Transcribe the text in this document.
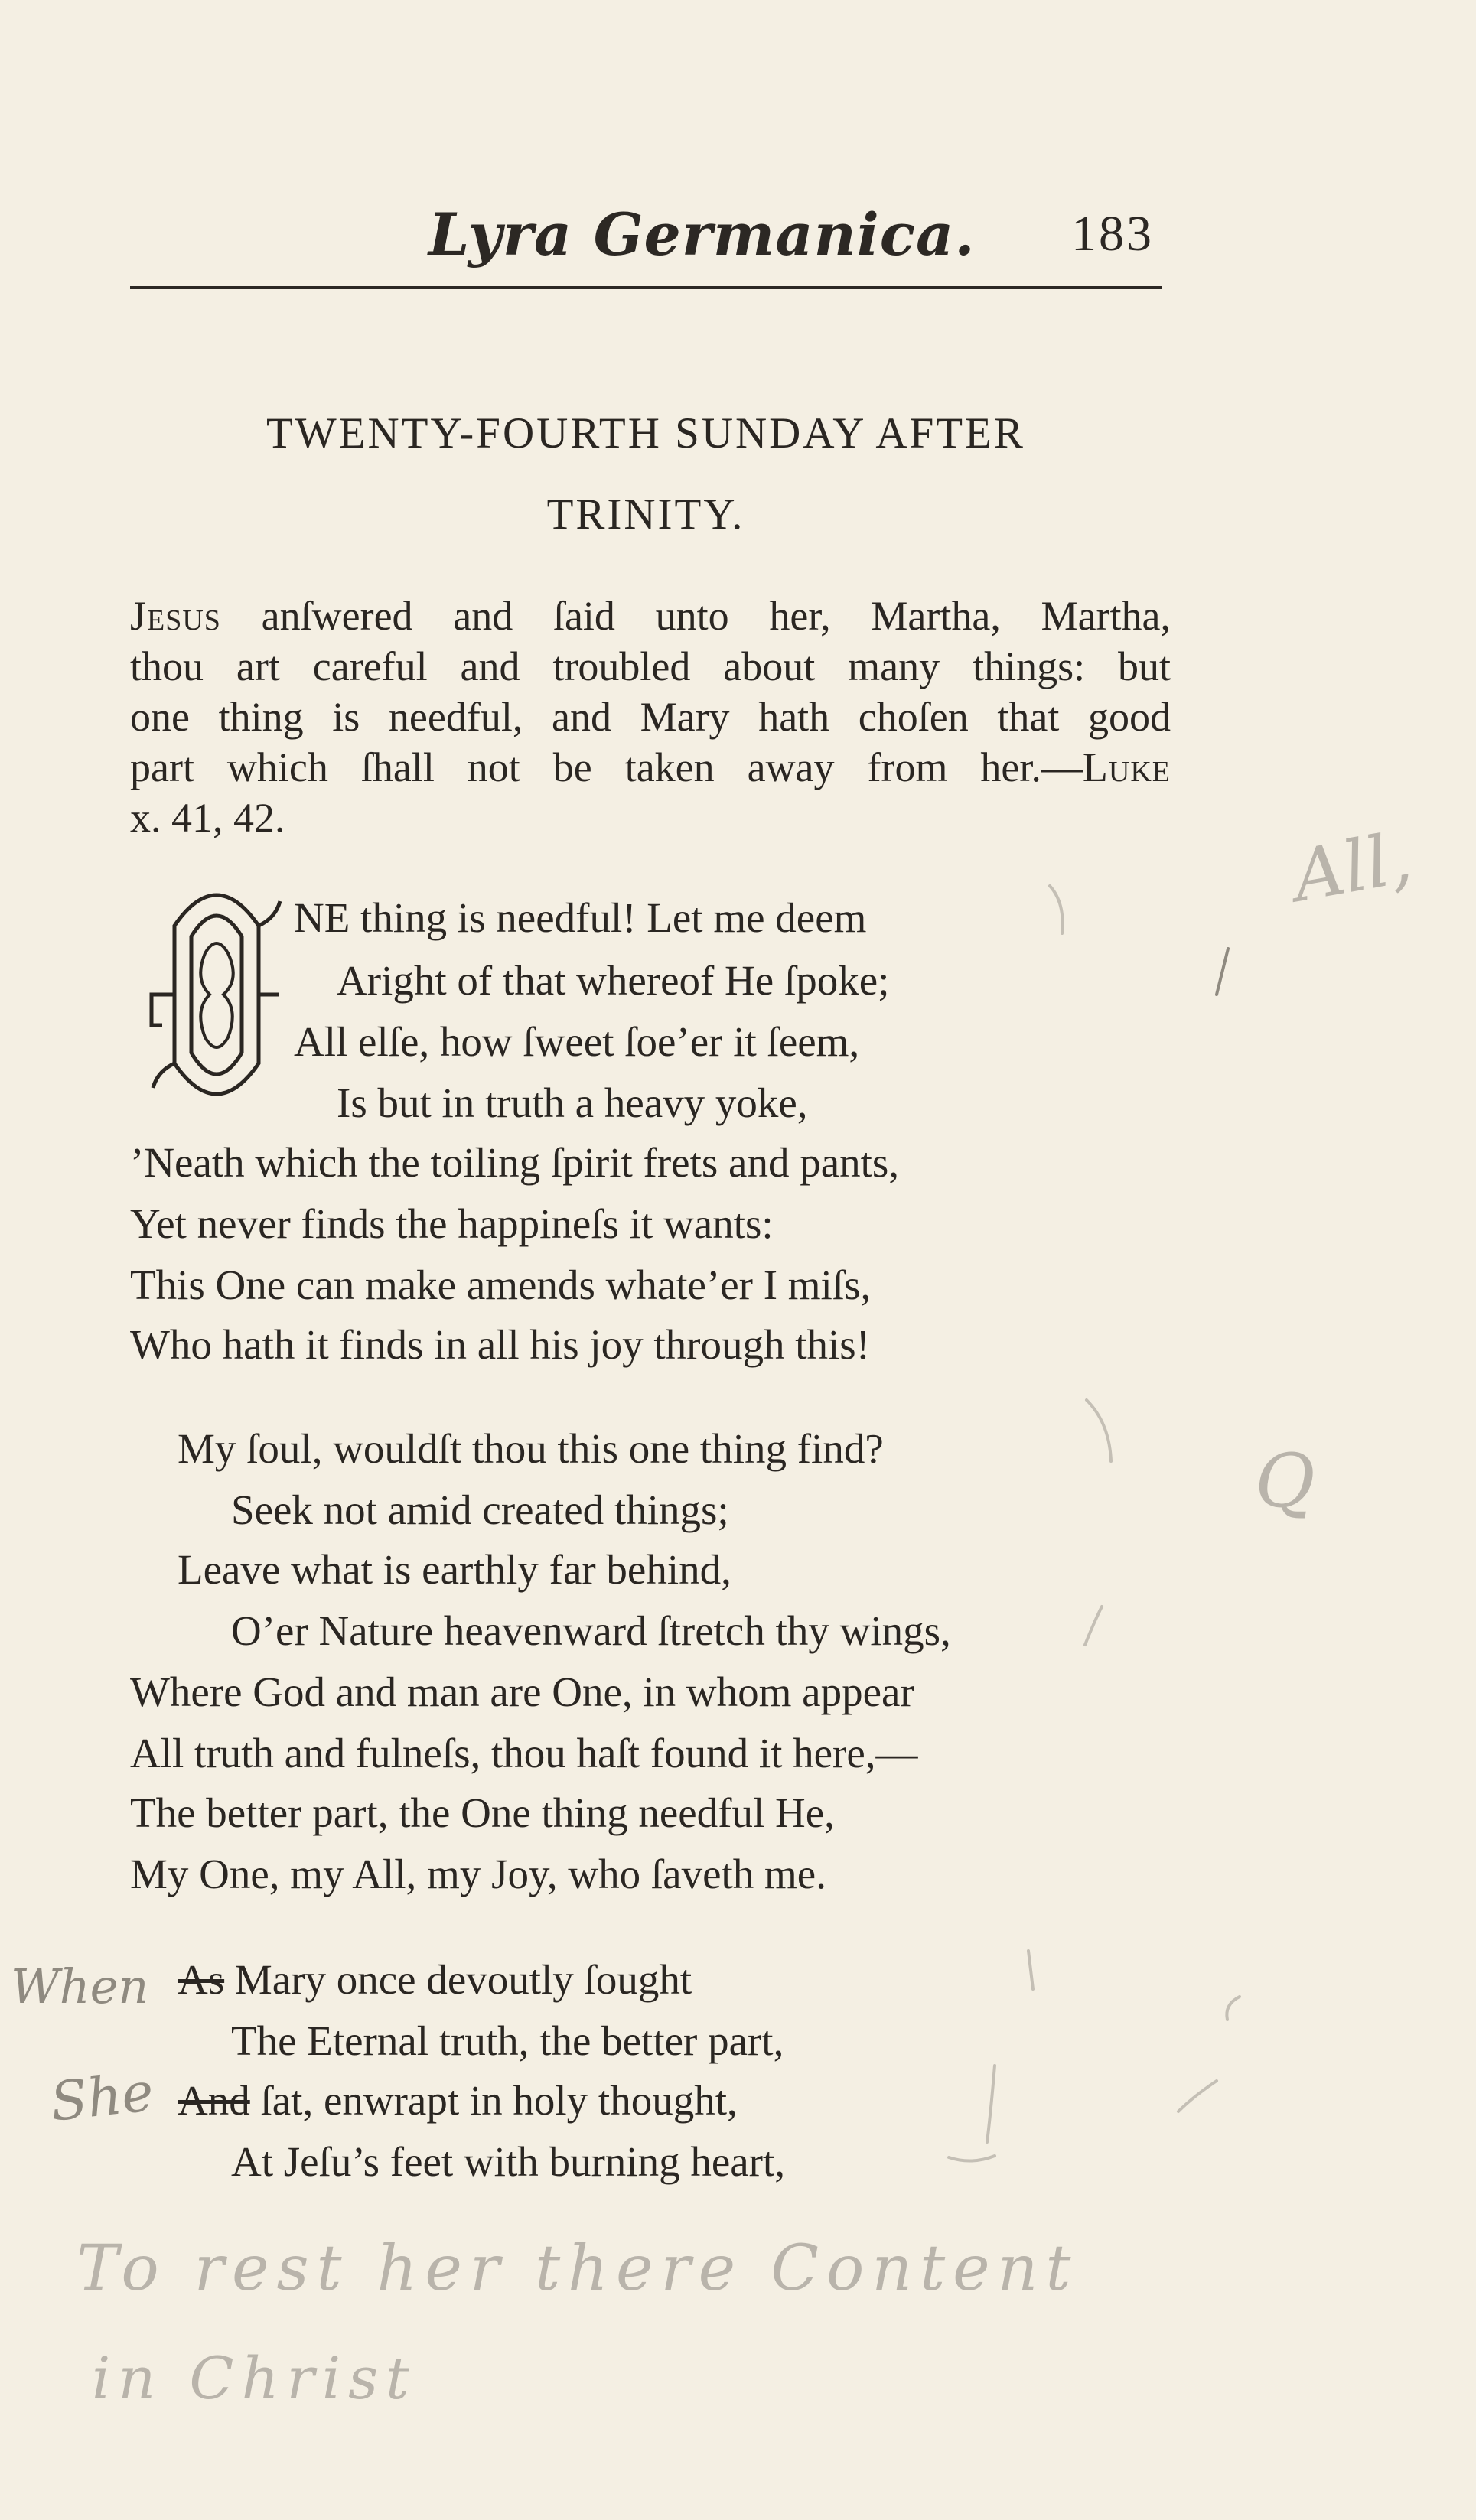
Lyra Germanica. 183
TWENTY-FOURTH SUNDAY AFTER
TRINITY.
Jesus anſwered and ſaid unto her, Martha, Martha,
thou art careful and troubled about many things: but
one thing is needful, and Mary hath choſen that good
part which ſhall not be taken away from her.—Luke
x. 41, 42.
NE thing is needful! Let me deem
Aright of that whereof He ſpoke;
All elſe, how ſweet ſoe’er it ſeem,
Is but in truth a heavy yoke,
’Neath which the toiling ſpirit frets and pants,
Yet never finds the happineſs it wants:
This One can make amends whate’er I miſs,
Who hath it finds in all his joy through this!
My ſoul, wouldſt thou this one thing find?
Seek not amid created things;
Leave what is earthly far behind,
O’er Nature heavenward ſtretch thy wings,
Where God and man are One, in whom appear
All truth and fulneſs, thou haſt found it here,—
The better part, the One thing needful He,
My One, my All, my Joy, who ſaveth me.
As Mary once devoutly ſought
The Eternal truth, the better part,
And ſat, enwrapt in holy thought,
At Jeſu’s feet with burning heart,
All,
Q
When
She
To rest her there Content
in Christ
